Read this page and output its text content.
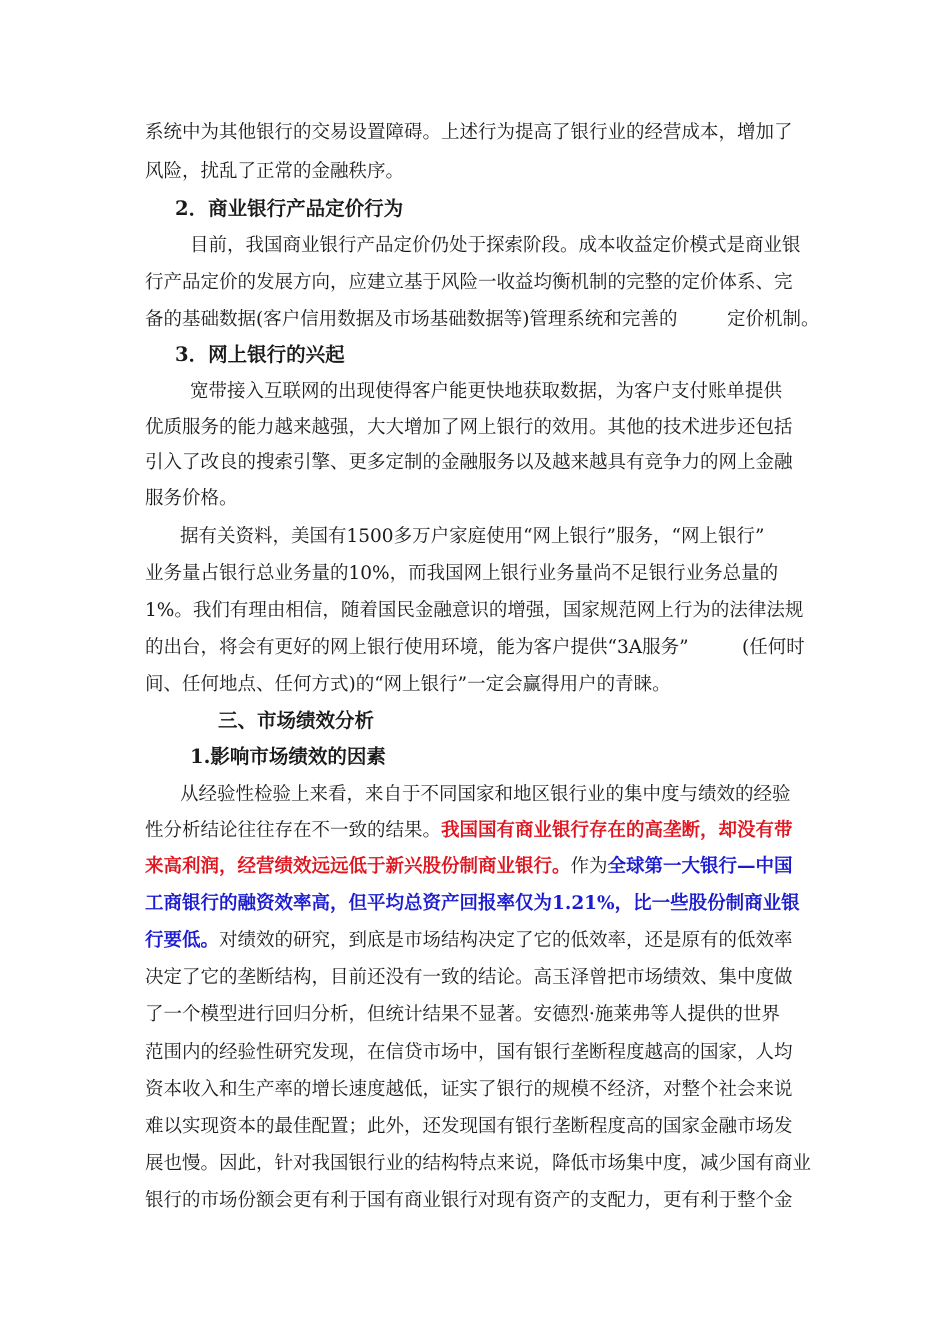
系统中为其他银行的交易设置障碍。上述行为提高了银行业的经营成本，增加了
风险，扰乱了正常的金融秩序。
2．商业银行产品定价行为
目前，我国商业银行产品定价仍处于探索阶段。成本收益定价模式是商业银
行产品定价的发展方向，应建立基于风险一收益均衡机制的完整的定价体系、完
备的基础数据(客户信用数据及市场基础数据等)管理系统和完善的	定价机制。
3．网上银行的兴起
宽带接入互联网的出现使得客户能更快地获取数据，为客户支付账单提供
优质服务的能力越来越强，大大增加了网上银行的效用。其他的技术进步还包括
引入了改良的搜索引擎、更多定制的金融服务以及越来越具有竞争力的网上金融
服务价格。
据有关资料，美国有1500多万户家庭使用“网上银行”服务，“网上银行”
业务量占银行总业务量的10%，而我国网上银行业务量尚不足银行业务总量的
1%。我们有理由相信，随着国民金融意识的增强，国家规范网上行为的法律法规
的出台，将会有更好的网上银行使用环境，能为客户提供“3A服务”	(任何时
间、任何地点、任何方式)的“网上银行”一定会赢得用户的青睐。
三、市场绩效分析
1.影响市场绩效的因素
从经验性检验上来看，来自于不同国家和地区银行业的集中度与绩效的经验
性分析结论往往存在不一致的结果。我国国有商业银行存在的高垄断，却没有带
来高利润，经营绩效远远低于新兴股份制商业银行。作为全球第一大银行—中国
工商银行的融资效率高，但平均总资产回报率仅为1.21%，比一些股份制商业银
行要低。对绩效的研究，到底是市场结构决定了它的低效率，还是原有的低效率
决定了它的垄断结构，目前还没有一致的结论。高玉泽曾把市场绩效、集中度做
了一个模型进行回归分析，但统计结果不显著。安德烈·施莱弗等人提供的世界
范围内的经验性研究发现，在信贷市场中，国有银行垄断程度越高的国家，人均
资本收入和生产率的增长速度越低，证实了银行的规模不经济，对整个社会来说
难以实现资本的最佳配置；此外，还发现国有银行垄断程度高的国家金融市场发
展也慢。因此，针对我国银行业的结构特点来说，降低市场集中度，减少国有商业
银行的市场份额会更有利于国有商业银行对现有资产的支配力，更有利于整个金
